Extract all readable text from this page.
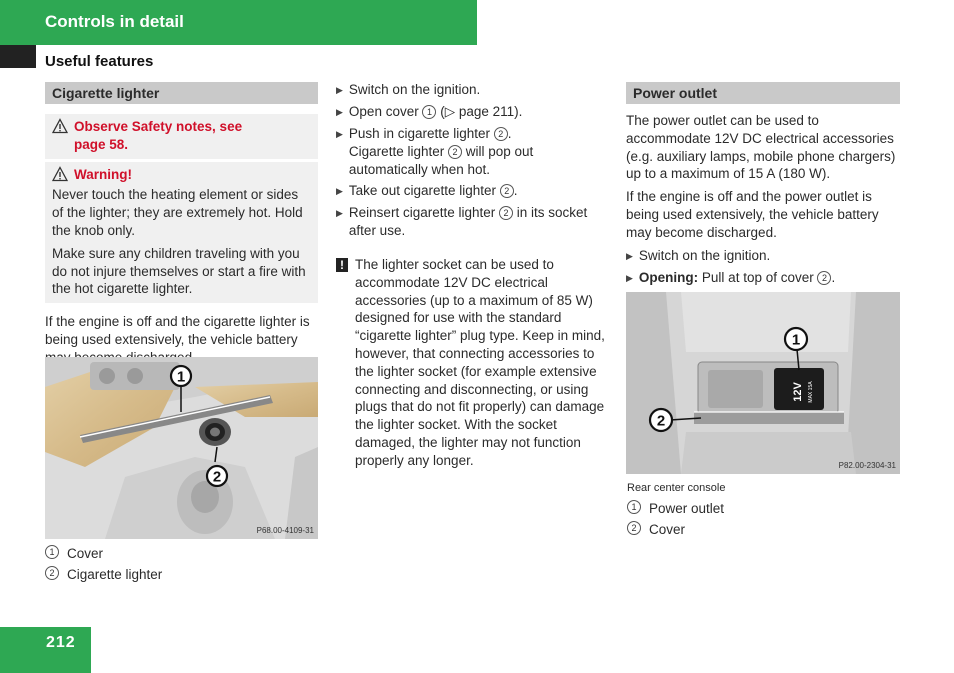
Controls in detail
Useful features
Cigarette lighter
Observe Safety notes, see page 58.
Warning!

Never touch the heating element or sides of the lighter; they are extremely hot. Hold the knob only.

Make sure any children traveling with you do not injure themselves or start a fire with the hot cigarette lighter.

If the engine is off and the cigarette lighter is being used extensively, the vehicle battery

1
2
P68.00-4109-31
1 Cover
2 Cigarette lighter
▶ Switch on the ignition.
▶ Open cover 1 (▷ page 211).
▶ Push in cigarette lighter 2 .
Cigarette lighter 2 will pop out automatically when hot.
▶ Take out cigarette lighter 2 .
▶ Reinsert cigarette lighter 2 in its socket after use.
! The lighter socket can be used to accommodate 12V DC electrical accessories (up to a maximum of 85 W) designed for use with the standard “cigarette lighter” plug type. Keep in mind, however, that connecting accessories to the lighter socket (for example extensive connecting and disconnecting, or using plugs that do not fit properly) can damage the lighter socket. With the socket damaged, the lighter may not function properly any longer.
Power outlet

The power outlet can be used to accommodate 12V DC electrical accessories (e.g. auxiliary lamps, mobile phone chargers) up to a maximum of 15 A (180 W).

If the engine is off and the power outlet is being used extensively, the vehicle battery may become discharged.

▶ Switch on the ignition.
▶ Opening: Pull at top of cover 2 .
12V MAX 15A
1
2
P82.00-2304-31
Rear center console
1 Power outlet
2 Cover
212
